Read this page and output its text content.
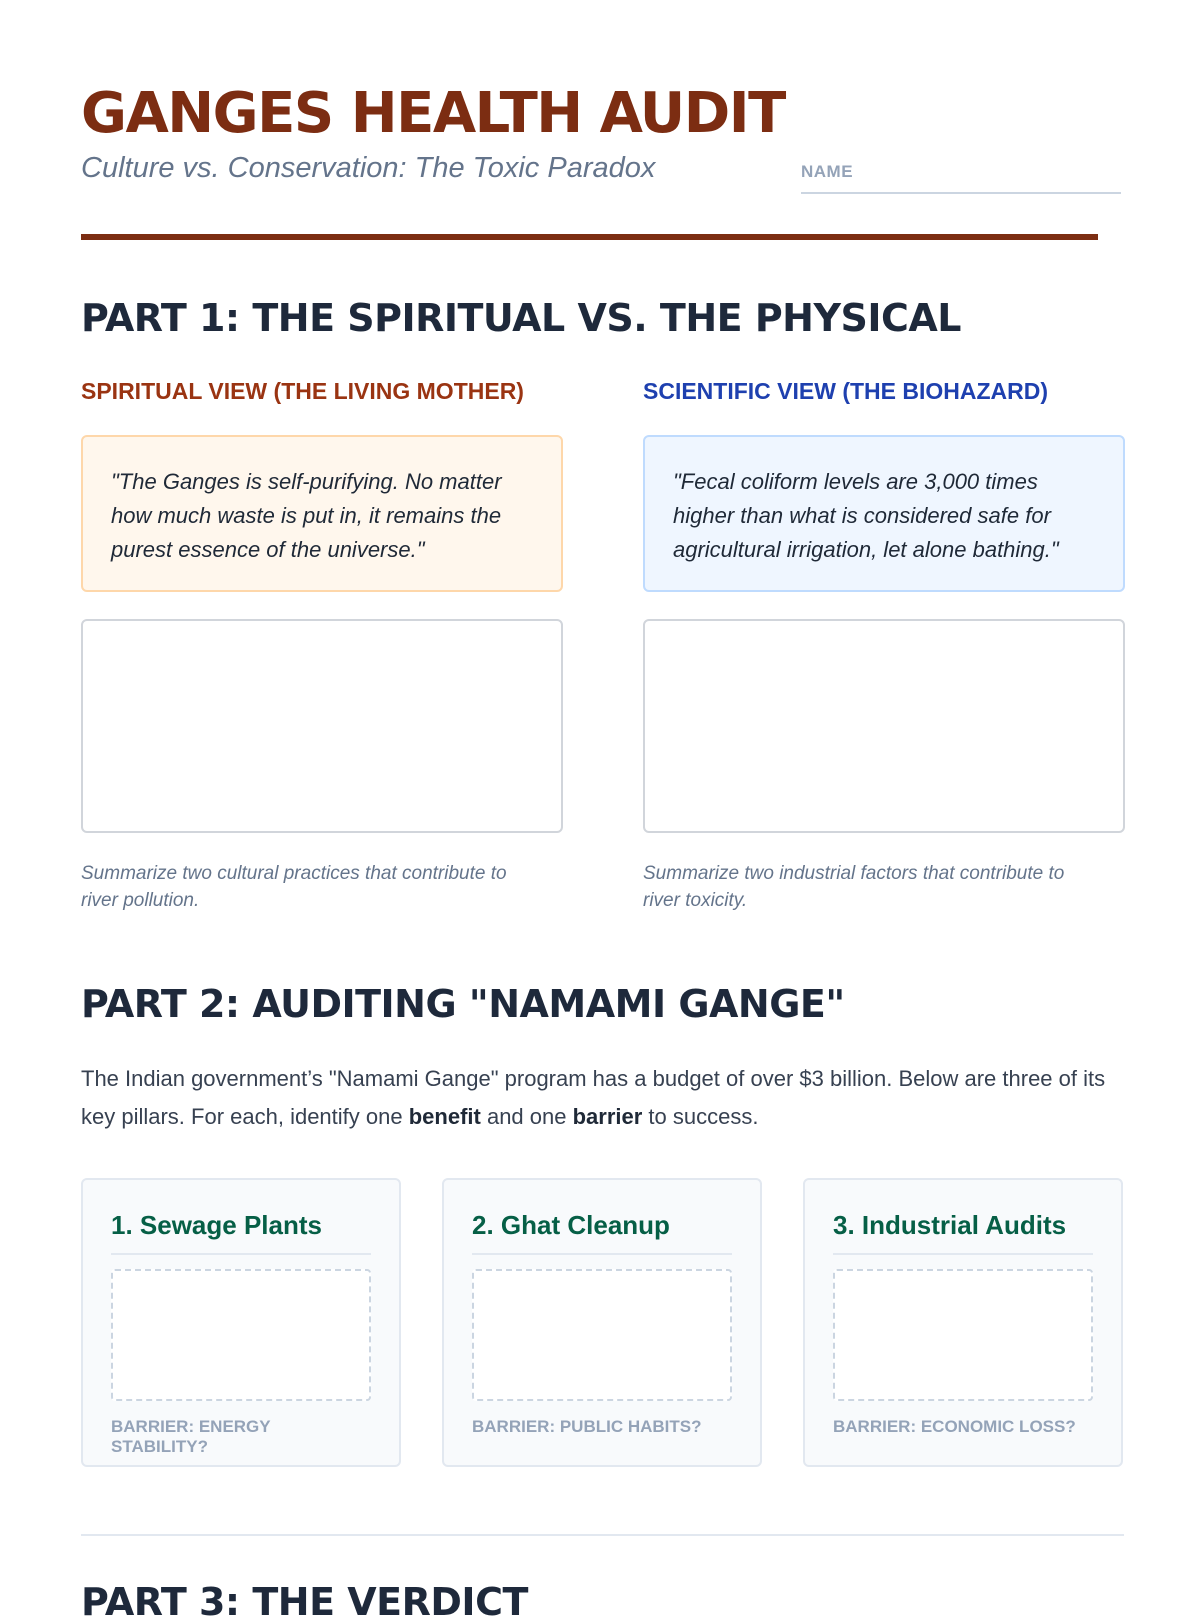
GANGES HEALTH AUDIT
Culture vs. Conservation: The Toxic Paradox	NAME
PART 1: THE SPIRITUAL VS. THE PHYSICAL
SPIRITUAL VIEW (THE LIVING MOTHER)	SCIENTIFIC VIEW (THE BIOHAZARD)
"The Ganges is self-purifying. No matter how much waste is put in, it remains the purest essence of the universe."
"Fecal coliform levels are 3,000 times higher than what is considered safe for agricultural irrigation, let alone bathing."
Summarize two cultural practices that contribute to river pollution.
Summarize two industrial factors that contribute to river toxicity.
PART 2: AUDITING "NAMAMI GANGE"
The Indian government’s "Namami Gange" program has a budget of over $3 billion. Below are three of its key pillars. For each, identify one benefit and one barrier to success.
1. Sewage Plants
BARRIER: ENERGY STABILITY?
2. Ghat Cleanup
BARRIER: PUBLIC HABITS?
3. Industrial Audits
BARRIER: ECONOMIC LOSS?
PART 3: THE VERDICT
